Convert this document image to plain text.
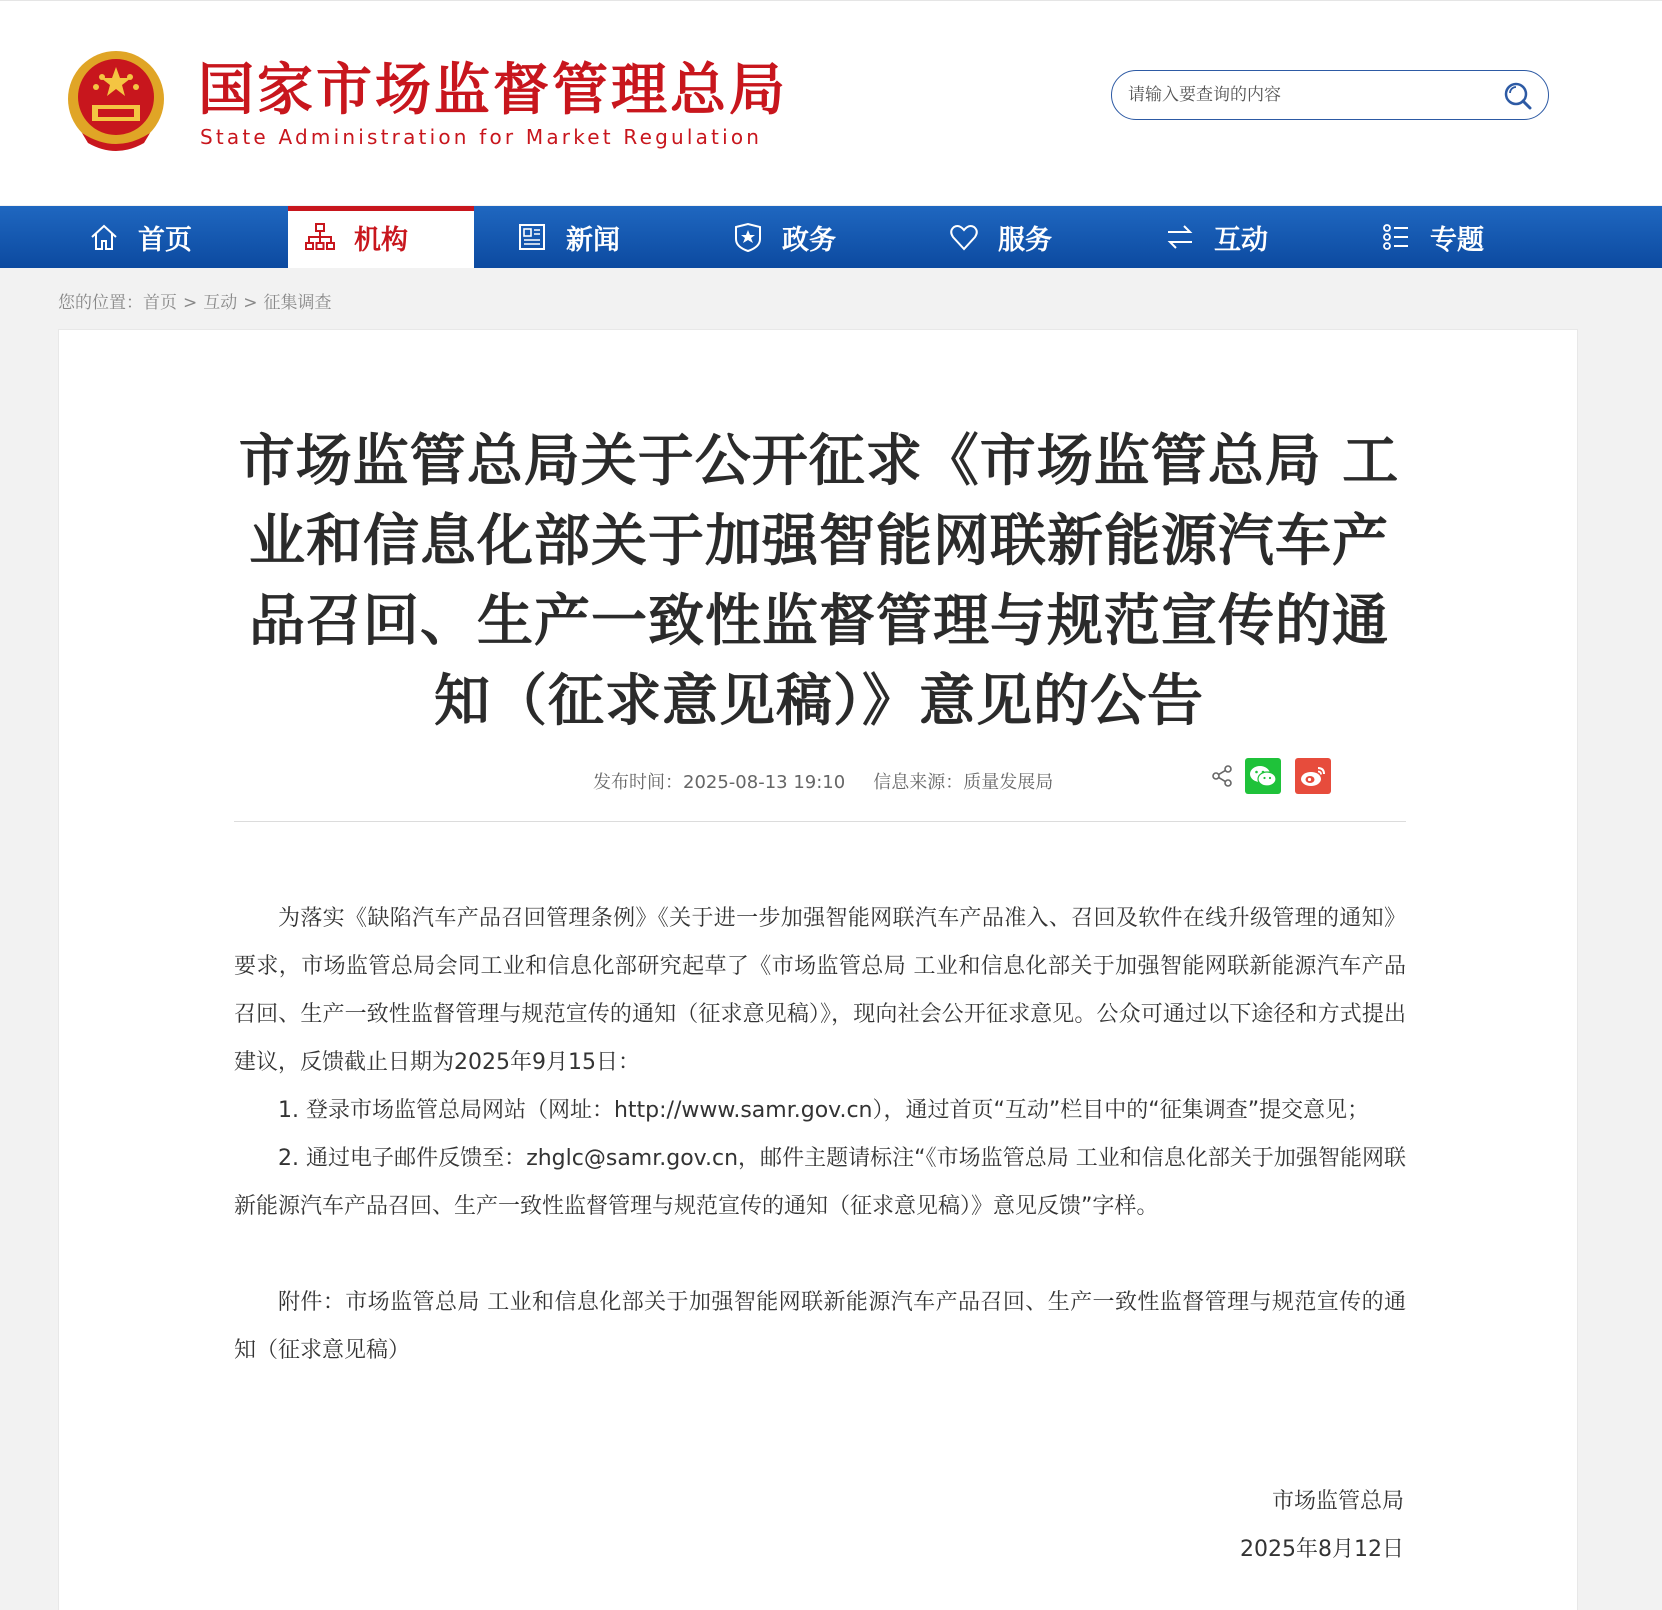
国家市场监督管理总局
State Administration for Market Regulation
请输入要查询的内容
首页	机构	新闻	政务	服务	互动	专题
您的位置：首页 > 互动 > 征集调查
市场监管总局关于公开征求《市场监管总局 工业和信息化部关于加强智能网联新能源汽车产品召回、生产一致性监督管理与规范宣传的通知（征求意见稿）》意见的公告
发布时间：2025-08-13 19:10 信息来源：质量发展局

为落实《缺陷汽车产品召回管理条例》《关于进一步加强智能网联汽车产品准入、召回及软件在线升级管理的通知》要求，市场监管总局会同工业和信息化部研究起草了《市场监管总局 工业和信息化部关于加强智能网联新能源汽车产品召回、生产一致性监督管理与规范宣传的通知（征求意见稿）》，现向社会公开征求意见。公众可通过以下途径和方式提出建议，反馈截止日期为2025年9月15日：

1. 登录市场监管总局网站（网址：http://www.samr.gov.cn），通过首页“互动”栏目中的“征集调查”提交意见；

2. 通过电子邮件反馈至：zhglc@samr.gov.cn，邮件主题请标注“《市场监管总局 工业和信息化部关于加强智能网联新能源汽车产品召回、生产一致性监督管理与规范宣传的通知（征求意见稿）》意见反馈”字样。

附件：市场监管总局 工业和信息化部关于加强智能网联新能源汽车产品召回、生产一致性监督管理与规范宣传的通知（征求意见稿）

市场监管总局
2025年8月12日
